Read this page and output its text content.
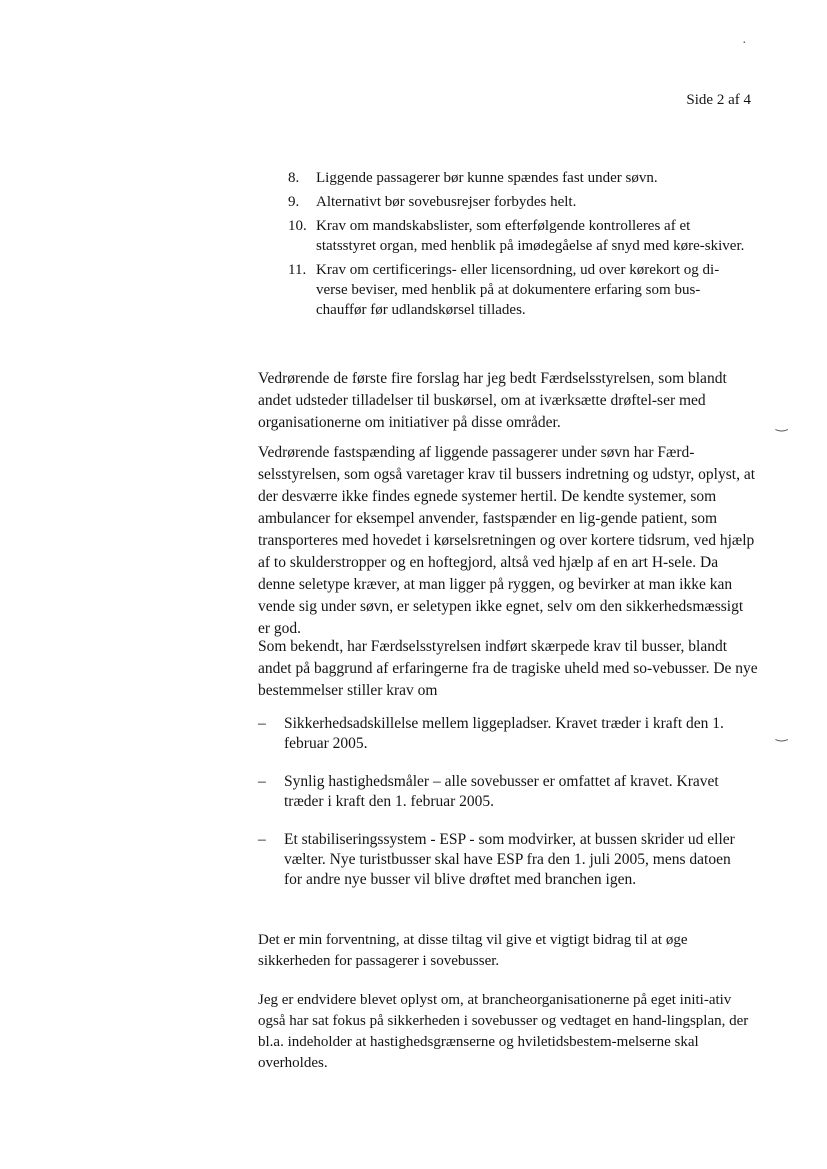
Side 2 af 4
8. Liggende passagerer bør kunne spændes fast under søvn.
9. Alternativt bør sovebusrejser forbydes helt.
10. Krav om mandskabslister, som efterfølgende kontrolleres af et statsstyret organ, med henblik på imødegåelse af snyd med køre-skiver.
11. Krav om certificerings- eller licensordning, ud over kørekort og di-verse beviser, med henblik på at dokumentere erfaring som bus-chauffør før udlandskørsel tillades.

Vedrørende de første fire forslag har jeg bedt Færdselsstyrelsen, som blandt andet udsteder tilladelser til buskørsel, om at iværksætte drøftel-ser med organisationerne om initiativer på disse områder.

Vedrørende fastspænding af liggende passagerer under søvn har Færd-selsstyrelsen, som også varetager krav til bussers indretning og udstyr, oplyst, at der desværre ikke findes egnede systemer hertil. De kendte systemer, som ambulancer for eksempel anvender, fastspænder en lig-gende patient, som transporteres med hovedet i kørselsretningen og over kortere tidsrum, ved hjælp af to skulderstropper og en hoftegjord, altså ved hjælp af en art H-sele. Da denne seletype kræver, at man ligger på ryggen, og bevirker at man ikke kan vende sig under søvn, er seletypen ikke egnet, selv om den sikkerhedsmæssigt er god.

Som bekendt, har Færdselsstyrelsen indført skærpede krav til busser, blandt andet på baggrund af erfaringerne fra de tragiske uheld med so-vebusser. De nye bestemmelser stiller krav om

– Sikkerhedsadskillelse mellem liggepladser. Kravet træder i kraft den 1. februar 2005.
– Synlig hastighedsmåler – alle sovebusser er omfattet af kravet. Kravet træder i kraft den 1. februar 2005.
– Et stabiliseringssystem - ESP - som modvirker, at bussen skrider ud eller vælter. Nye turistbusser skal have ESP fra den 1. juli 2005, mens datoen for andre nye busser vil blive drøftet med branchen igen.

Det er min forventning, at disse tiltag vil give et vigtigt bidrag til at øge sikkerheden for passagerer i sovebusser.

Jeg er endvidere blevet oplyst om, at brancheorganisationerne på eget initi-ativ også har sat fokus på sikkerheden i sovebusser og vedtaget en hand-lingsplan, der bl.a. indeholder at hastighedsgrænserne og hviletidsbestem-melserne skal overholdes.

·
‿
‿
